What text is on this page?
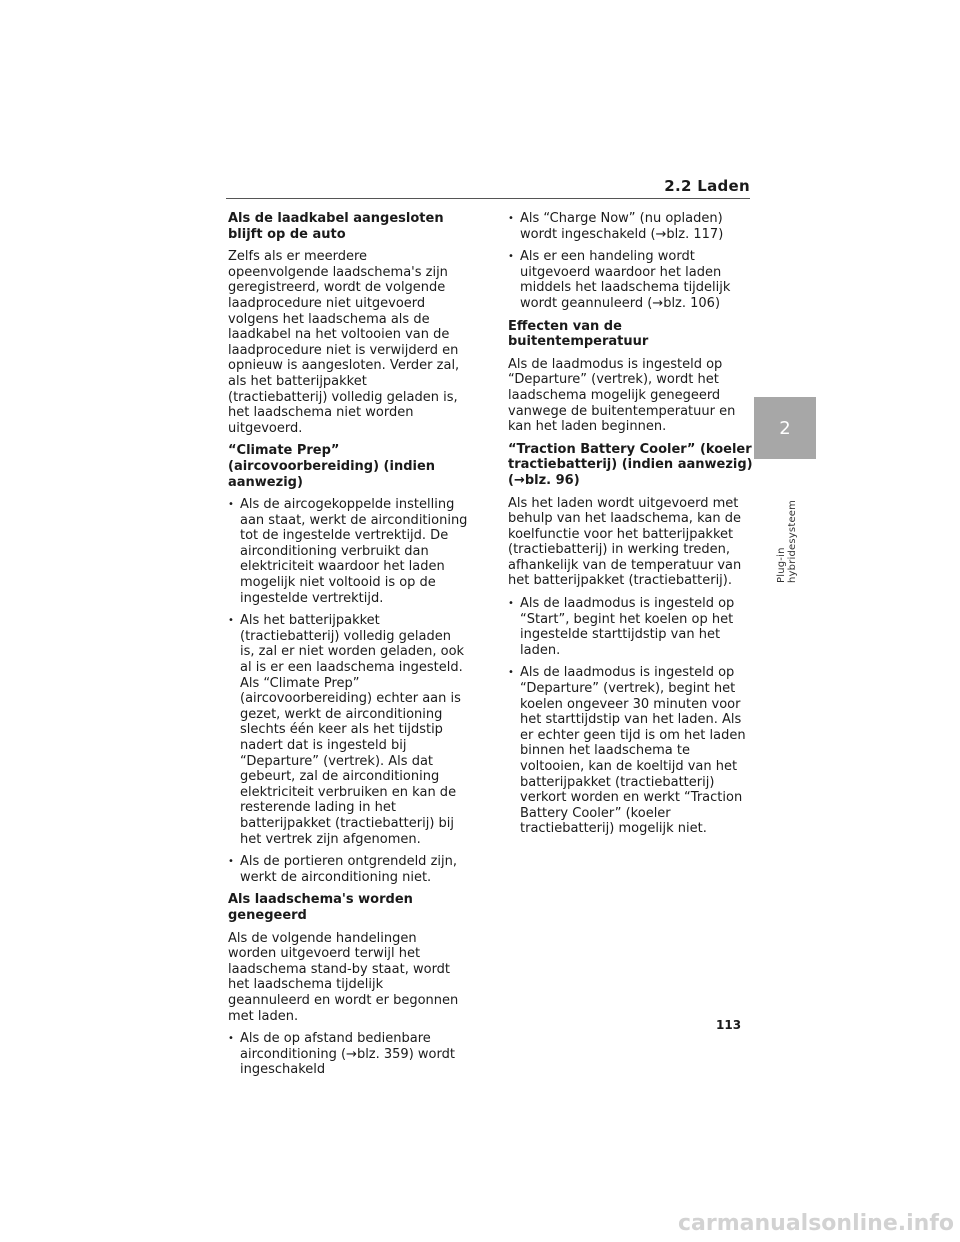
2.2 Laden
2
Plug-in hybridesysteem
Als de laadkabel aangesloten blijft op de auto

Zelfs als er meerdere opeenvolgende laadschema's zijn geregistreerd, wordt de volgende laadprocedure niet uitgevoerd volgens het laadschema als de laadkabel na het voltooien van de laadprocedure niet is verwijderd en opnieuw is aangesloten. Verder zal, als het batterijpakket (tractiebatterij) volledig geladen is, het laadschema niet worden uitgevoerd.

“Climate Prep” (aircovoorbereiding) (indien aanwezig)
• Als de aircogekoppelde instelling aan staat, werkt de airconditioning tot de ingestelde vertrektijd. De airconditioning verbruikt dan elektriciteit waardoor het laden mogelijk niet voltooid is op de ingestelde vertrektijd.
• Als het batterijpakket (tractiebatterij) volledig geladen is, zal er niet worden geladen, ook al is er een laadschema ingesteld. Als “Climate Prep” (aircovoorbereiding) echter aan is gezet, werkt de airconditioning slechts één keer als het tijdstip nadert dat is ingesteld bij “Departure” (vertrek). Als dat gebeurt, zal de airconditioning elektriciteit verbruiken en kan de resterende lading in het batterijpakket (tractiebatterij) bij het vertrek zijn afgenomen.
• Als de portieren ontgrendeld zijn, werkt de airconditioning niet.
Als laadschema's worden genegeerd

Als de volgende handelingen worden uitgevoerd terwijl het laadschema stand-by staat, wordt het laadschema tijdelijk geannuleerd en wordt er begonnen met laden.

• Als de op afstand bedienbare airconditioning (→blz. 359) wordt ingeschakeld
• Als “Charge Now” (nu opladen) wordt ingeschakeld (→blz. 117)
• Als er een handeling wordt uitgevoerd waardoor het laden middels het laadschema tijdelijk wordt geannuleerd (→blz. 106)
Effecten van de buitentemperatuur

Als de laadmodus is ingesteld op “Departure” (vertrek), wordt het laadschema mogelijk genegeerd vanwege de buitentemperatuur en kan het laden beginnen.

“Traction Battery Cooler” (koeler tractiebatterij) (indien aanwezig) (→blz. 96)

Als het laden wordt uitgevoerd met behulp van het laadschema, kan de koelfunctie voor het batterijpakket (tractiebatterij) in werking treden, afhankelijk van de temperatuur van het batterijpakket (tractiebatterij).

• Als de laadmodus is ingesteld op “Start”, begint het koelen op het ingestelde starttijdstip van het laden.
• Als de laadmodus is ingesteld op “Departure” (vertrek), begint het koelen ongeveer 30 minuten voor het starttijdstip van het laden. Als er echter geen tijd is om het laden binnen het laadschema te voltooien, kan de koeltijd van het batterijpakket (tractiebatterij) verkort worden en werkt “Traction Battery Cooler” (koeler tractiebatterij) mogelijk niet.
113
carmanualsonline.info
